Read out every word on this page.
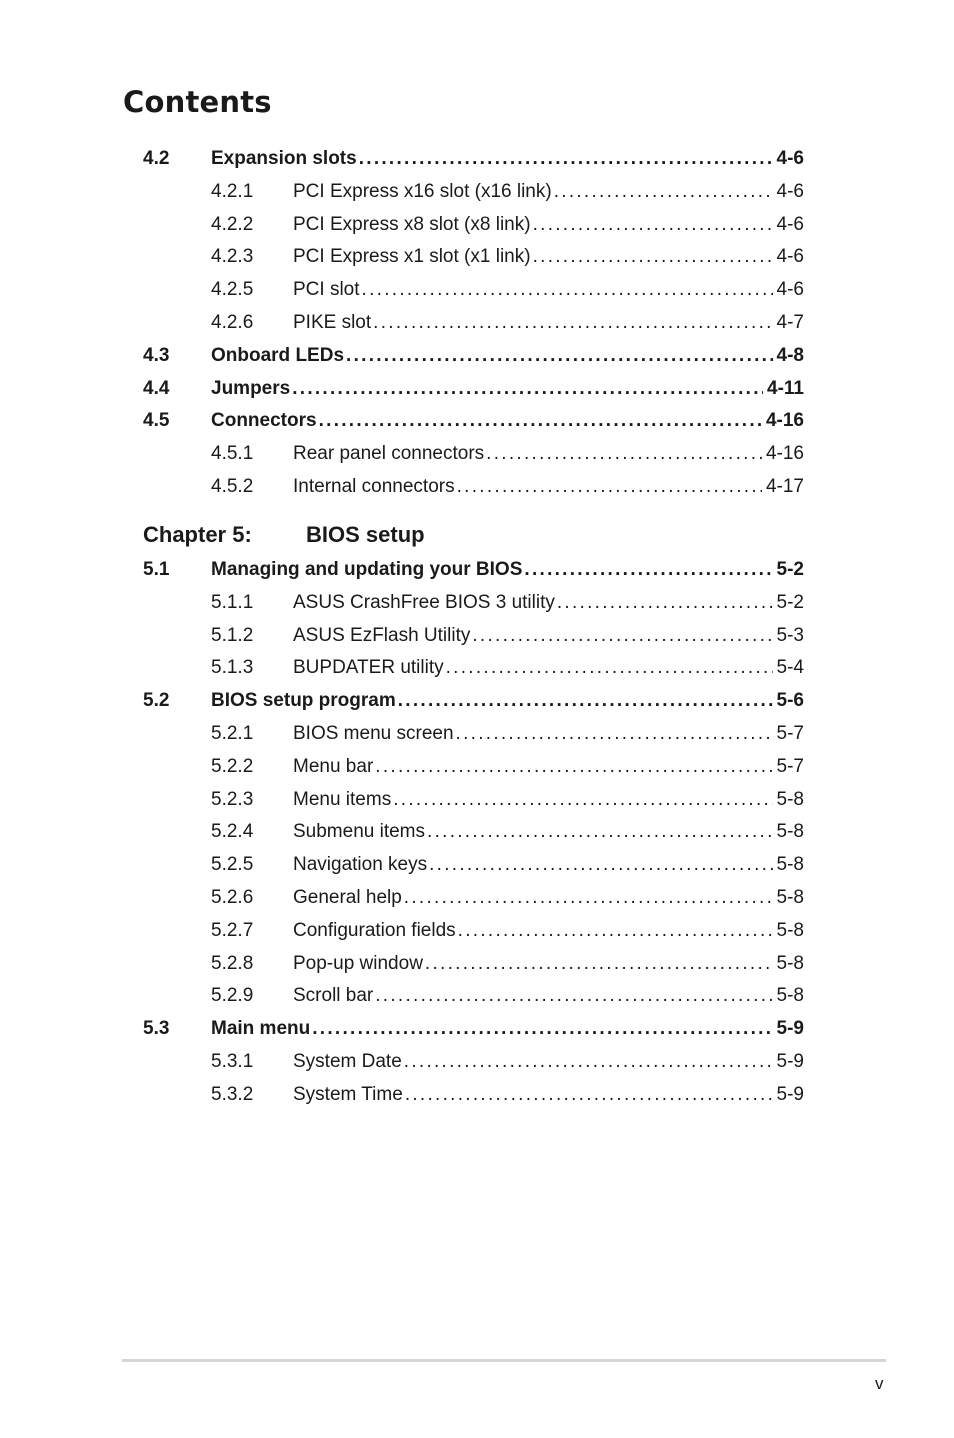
Contents
4.2 Expansion slots . . .	4-6
4.2.1 PCI Express x16 slot (x16 link) . . .	4-6
4.2.2 PCI Express x8 slot (x8 link) . . .	4-6
4.2.3 PCI Express x1 slot (x1 link) . . .	4-6
4.2.5 PCI slot . . .	4-6
4.2.6 PIKE slot . . .	4-7
4.3 Onboard LEDs . . .	4-8
4.4 Jumpers . . .	4-11
4.5 Connectors . . .	4-16
4.5.1 Rear panel connectors . . .	4-16
4.5.2 Internal connectors . . .	4-17
5.1 Managing and updating your BIOS . . .	5-2
5.1.1 ASUS CrashFree BIOS 3 utility . . .	5-2
5.1.2 ASUS EzFlash Utility . . .	5-3
5.1.3 BUPDATER utility . . .	5-4
5.2 BIOS setup program . . .	5-6
5.2.1 BIOS menu screen . . .	5-7
5.2.2 Menu bar . . .	5-7
5.2.3 Menu items . . .	5-8
5.2.4 Submenu items . . .	5-8
5.2.5 Navigation keys . . .	5-8
5.2.6 General help . . .	5-8
5.2.7 Configuration fields . . .	5-8
5.2.8 Pop-up window . . .	5-8
5.2.9 Scroll bar . . .	5-8
5.3 Main menu . . .	5-9
5.3.1 System Date . . .	5-9
5.3.2 System Time . . .	5-9
Chapter 5: BIOS setup
v
